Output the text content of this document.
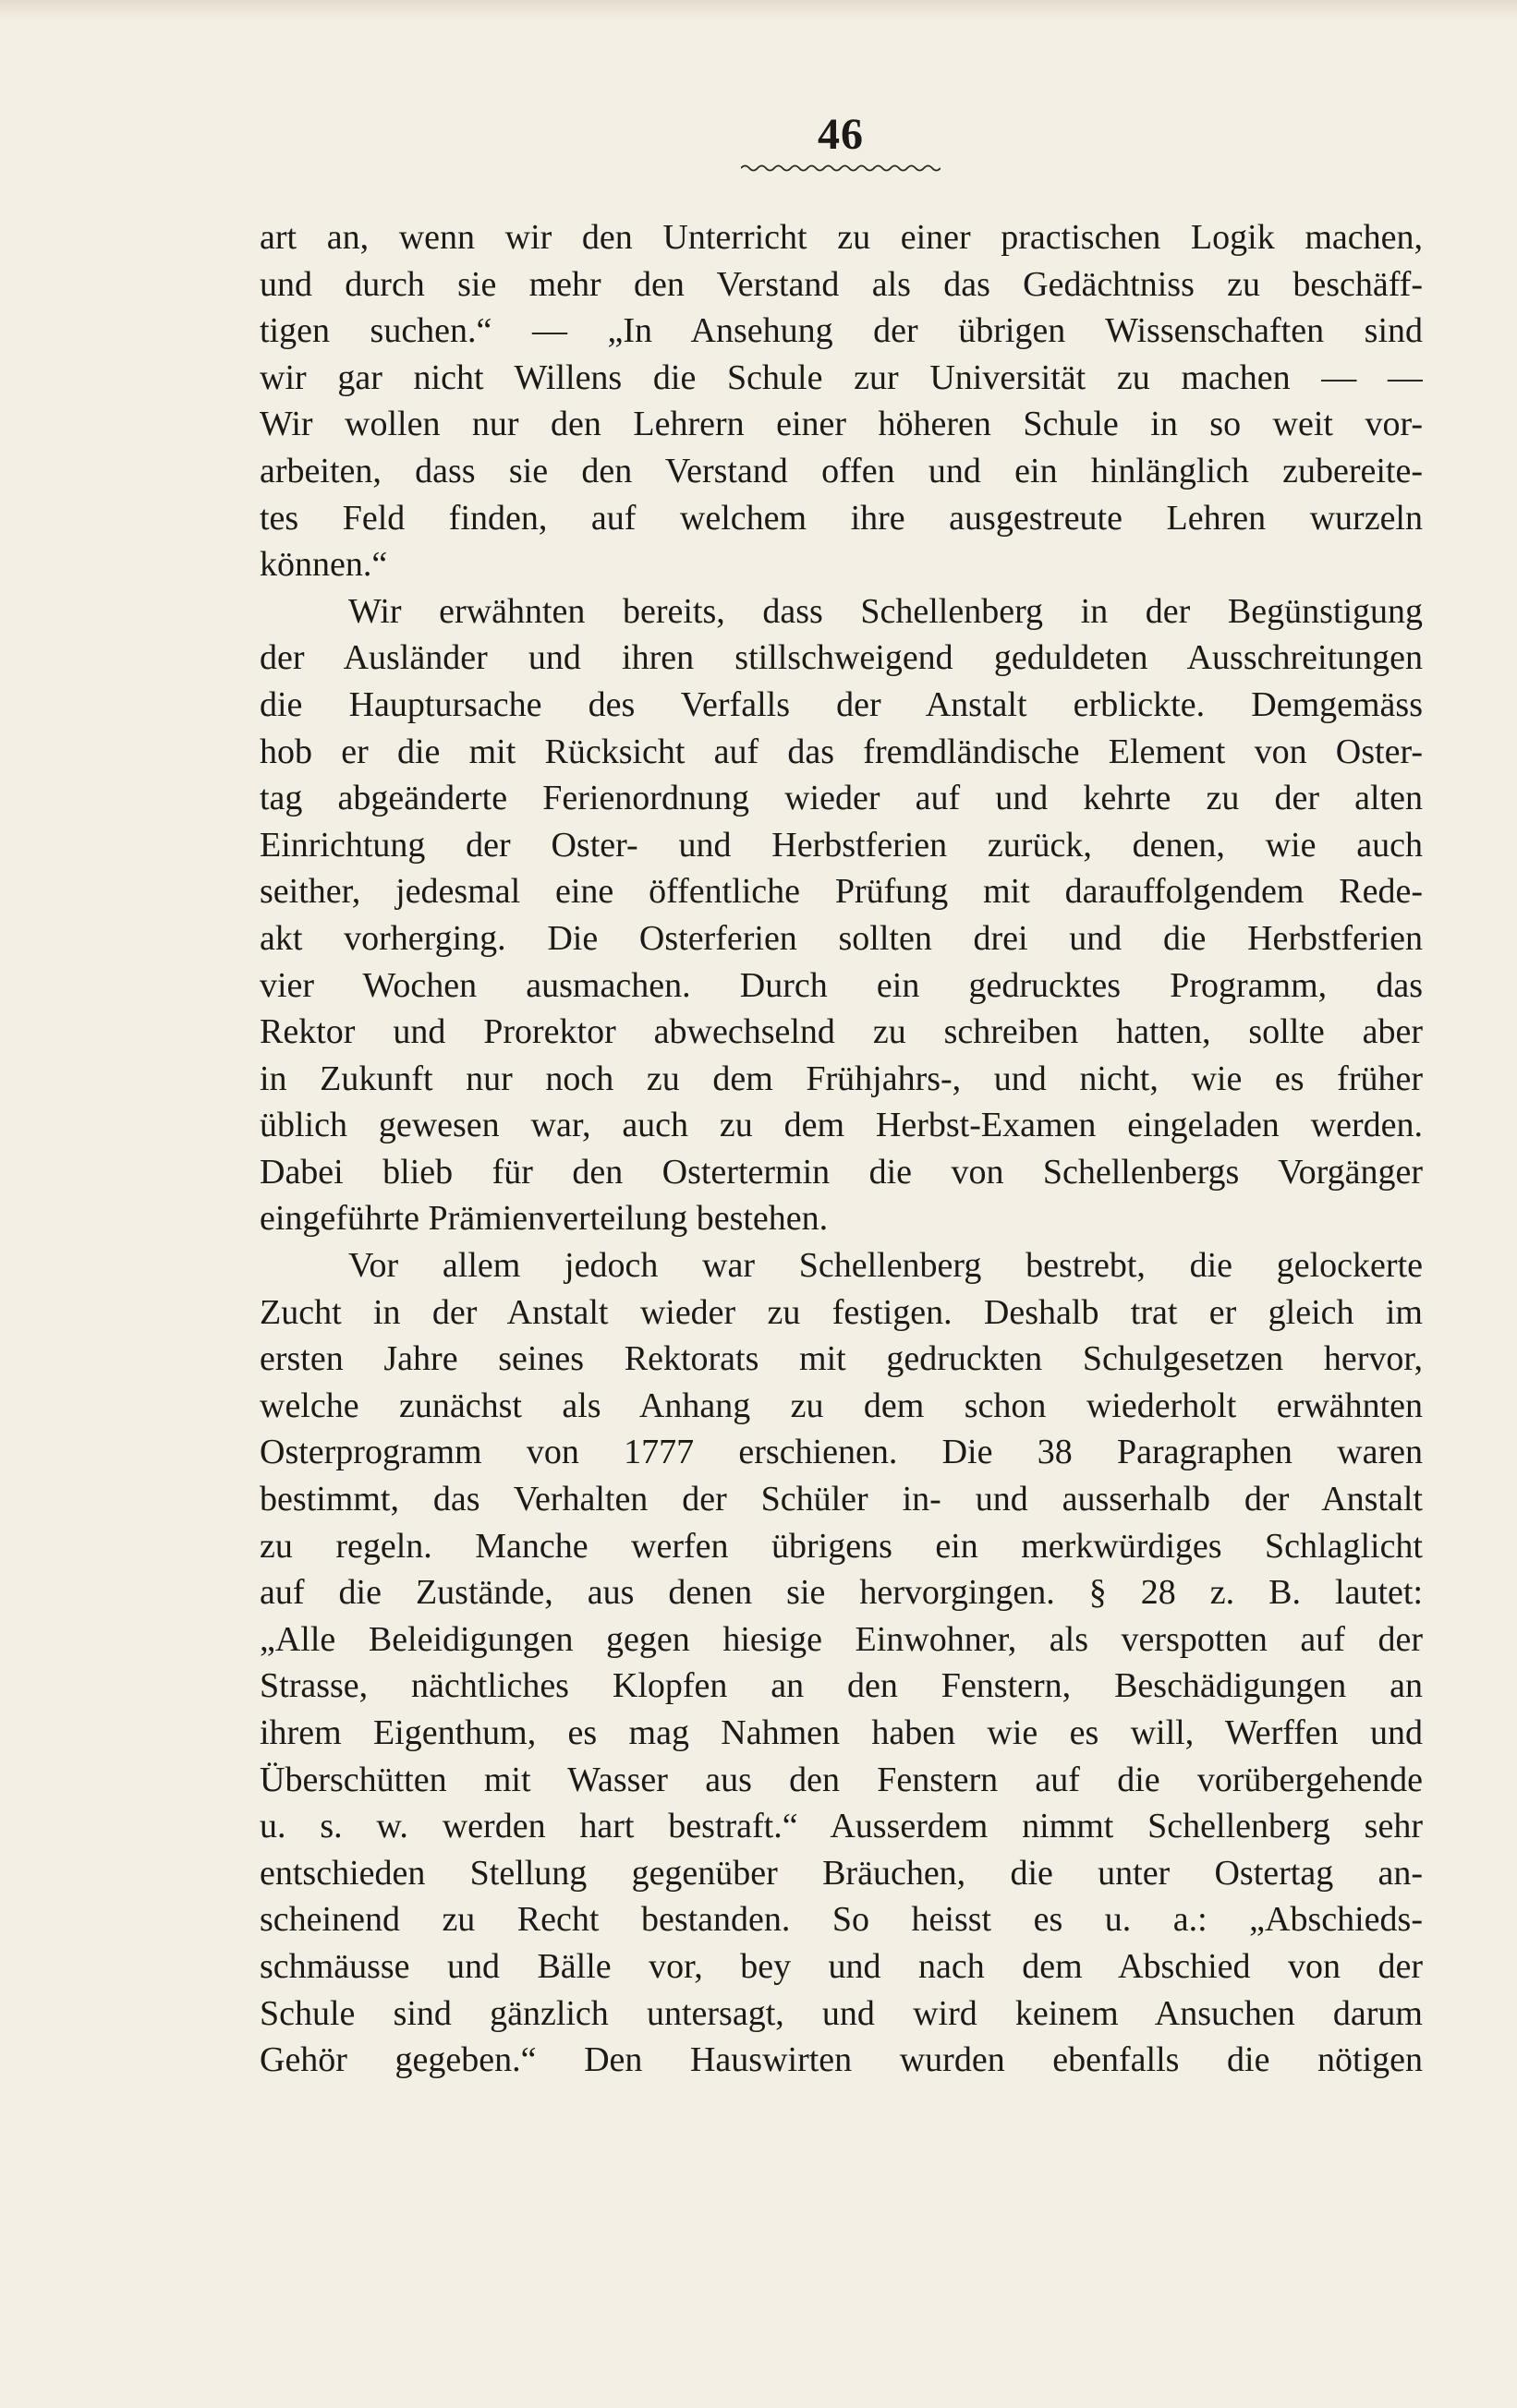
46
art an, wenn wir den Unterricht zu einer practischen Logik machen,
und durch sie mehr den Verstand als das Gedächtniss zu beschäff-
tigen suchen.“ — „In Ansehung der übrigen Wissenschaften sind
wir gar nicht Willens die Schule zur Universität zu machen — —
Wir wollen nur den Lehrern einer höheren Schule in so weit vor-
arbeiten, dass sie den Verstand offen und ein hinlänglich zubereite-
tes Feld finden, auf welchem ihre ausgestreute Lehren wurzeln
können.“
Wir erwähnten bereits, dass Schellenberg in der Begünstigung
der Ausländer und ihren stillschweigend geduldeten Ausschreitungen
die Hauptursache des Verfalls der Anstalt erblickte. Demgemäss
hob er die mit Rücksicht auf das fremdländische Element von Oster-
tag abgeänderte Ferienordnung wieder auf und kehrte zu der alten
Einrichtung der Oster- und Herbstferien zurück, denen, wie auch
seither, jedesmal eine öffentliche Prüfung mit darauffolgendem Rede-
akt vorherging. Die Osterferien sollten drei und die Herbstferien
vier Wochen ausmachen. Durch ein gedrucktes Programm, das
Rektor und Prorektor abwechselnd zu schreiben hatten, sollte aber
in Zukunft nur noch zu dem Frühjahrs-, und nicht, wie es früher
üblich gewesen war, auch zu dem Herbst-Examen eingeladen werden.
Dabei blieb für den Ostertermin die von Schellenbergs Vorgänger
eingeführte Prämienverteilung bestehen.
Vor allem jedoch war Schellenberg bestrebt, die gelockerte
Zucht in der Anstalt wieder zu festigen. Deshalb trat er gleich im
ersten Jahre seines Rektorats mit gedruckten Schulgesetzen hervor,
welche zunächst als Anhang zu dem schon wiederholt erwähnten
Osterprogramm von 1777 erschienen. Die 38 Paragraphen waren
bestimmt, das Verhalten der Schüler in- und ausserhalb der Anstalt
zu regeln. Manche werfen übrigens ein merkwürdiges Schlaglicht
auf die Zustände, aus denen sie hervorgingen. § 28 z. B. lautet:
„Alle Beleidigungen gegen hiesige Einwohner, als verspotten auf der
Strasse, nächtliches Klopfen an den Fenstern, Beschädigungen an
ihrem Eigenthum, es mag Nahmen haben wie es will, Werffen und
Überschütten mit Wasser aus den Fenstern auf die vorübergehende
u. s. w. werden hart bestraft.“ Ausserdem nimmt Schellenberg sehr
entschieden Stellung gegenüber Bräuchen, die unter Ostertag an-
scheinend zu Recht bestanden. So heisst es u. a.: „Abschieds-
schmäusse und Bälle vor, bey und nach dem Abschied von der
Schule sind gänzlich untersagt, und wird keinem Ansuchen darum
Gehör gegeben.“ Den Hauswirten wurden ebenfalls die nötigen
